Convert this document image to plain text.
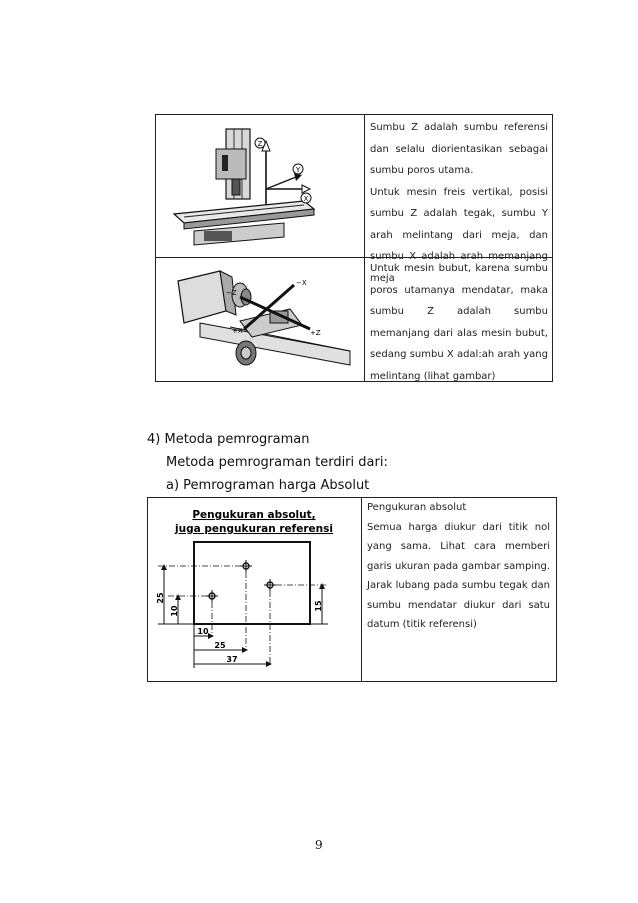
Z
Y
X

Sumbu Z adalah sumbu referensi dan selalu diorientasikan sebagai sumbu poros utama.

Untuk mesin freis vertikal, posisi sumbu Z adalah tegak, sumbu Y arah melintang dari meja, dan sumbu X adalah arah memanjang meja

−Z
−X
+X	+Z

Untuk mesin bubut, karena sumbu poros utamanya mendatar, maka sumbu Z adalah sumbu memanjang dari alas mesin bubut, sedang sumbu X adal:ah arah yang melintang (lihat gambar)

4) Metoda pemrograman
Metoda pemrograman terdiri dari:
a) Pemrograman harga Absolut
Pengukuran absolut,
juga pengukuran referensi
25
10	15
10
25
37

Pengukuran absolut

Semua harga diukur dari titik nol yang sama. Lihat cara memberi garis ukuran pada gambar samping. Jarak lubang pada sumbu tegak dan sumbu mendatar diukur dari satu datum (titik referensi)

9
